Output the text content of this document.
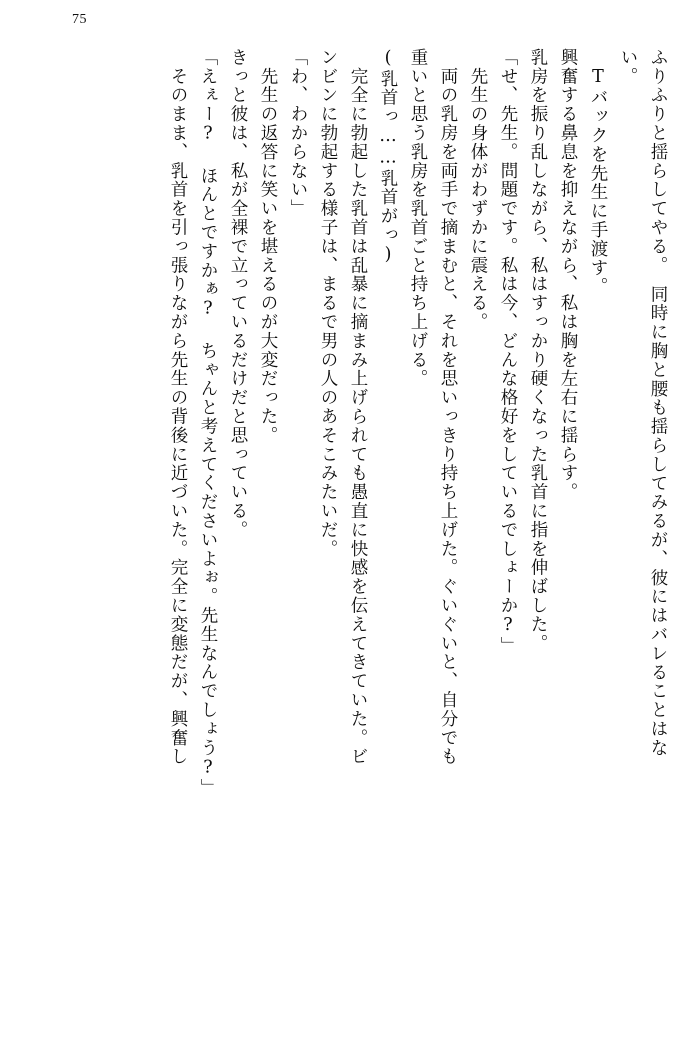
75
ふりふりと揺らしてやる。　同時に胸と腰も揺らしてみるが、彼にはバレることはな
い。
　Tバックを先生に手渡す。
興奮する鼻息を抑えながら、私は胸を左右に揺らす。
乳房を振り乱しながら、私はすっかり硬くなった乳首に指を伸ばした。
「せ、先生。問題です。私は今、どんな格好をしているでしょーか?」
　先生の身体がわずかに震える。
　両の乳房を両手で摘まむと、それを思いっきり持ち上げた。ぐいぐいと、自分でも
重いと思う乳房を乳首ごと持ち上げる。
(乳首っ……乳首がっ)
　完全に勃起した乳首は乱暴に摘まみ上げられても愚直に快感を伝えてきていた。ビ
ンビンに勃起する様子は、まるで男の人のあそこみたいだ。
「わ、わからない」
　先生の返答に笑いを堪えるのが大変だった。
きっと彼は、私が全裸で立っているだけだと思っている。
「えぇー? ほんとですかぁ? ちゃんと考えてくださいよぉ。先生なんでしょう?」
　そのまま、乳首を引っ張りながら先生の背後に近づいた。完全に変態だが、興奮し
